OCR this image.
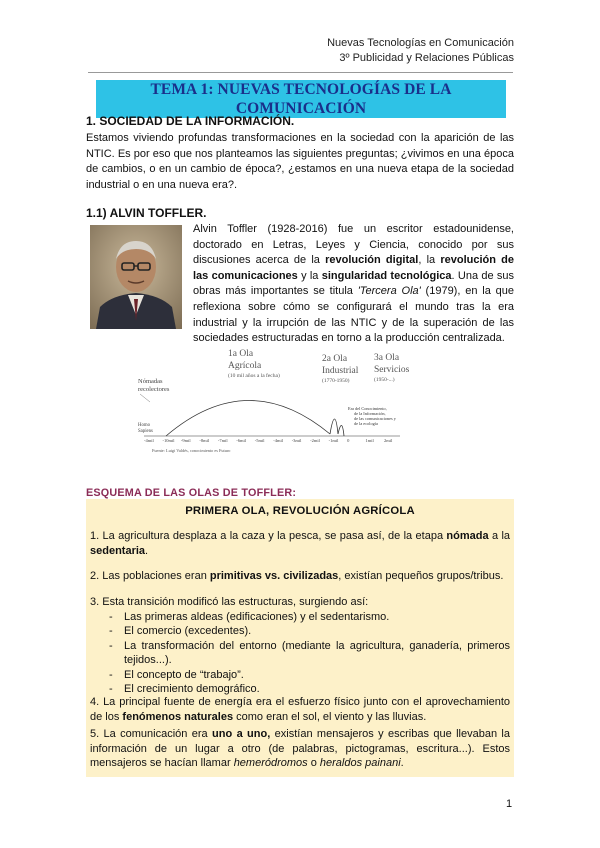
Nuevas Tecnologías en Comunicación
3º Publicidad y Relaciones Públicas
TEMA 1: NUEVAS TECNOLOGÍAS DE LA COMUNICACIÓN
1. SOCIEDAD DE LA INFORMACIÓN.
Estamos viviendo profundas transformaciones en la sociedad con la aparición de las NTIC. Es por eso que nos planteamos las siguientes preguntas; ¿vivimos en una época de cambios, o en un cambio de época?, ¿estamos en una nueva etapa de la sociedad industrial o en una nueva era?.
1.1) ALVIN TOFFLER.
Alvin Toffler (1928-2016) fue un escritor estadounidense, doctorado en Letras, Leyes y Ciencia, conocido por sus discusiones acerca de la revolución digital, la revolución de las comunicaciones y la singularidad tecnológica. Una de sus obras más importantes se titula 'Tercera Ola' (1979), en la que reflexiona sobre cómo se configurará el mundo tras la era industrial y la irrupción de las NTIC y de la superación de las sociedades estructuradas en torno a la producción centralizada.
1a Ola
Agrícola
(10 mil años a la fecha)
2a Ola
Industrial
(1770-1950)
3a Ola
Servicios
(1950-...)
Nómadas
recolectores
Homo
Sapiens
Era del Conocimiento,
de la Información,
de las comunicaciones y
de la ecología
-4mil -10mil -9mil -8mil -7mil -6mil -5mil -4mil -3mil -2mil -1mil 0	1mil 2mil
Fuente: Luigi Valdés, conocimiento es Futuro
ESQUEMA DE LAS OLAS DE TOFFLER:
PRIMERA OLA, REVOLUCIÓN AGRÍCOLA
1. La agricultura desplaza a la caza y la pesca, se pasa así, de la etapa nómada a la sedentaria.
2. Las poblaciones eran primitivas vs. civilizadas, existían pequeños grupos/tribus.
3. Esta transición modificó las estructuras, surgiendo así:
- Las primeras aldeas (edificaciones) y el sedentarismo.
- El comercio (excedentes).
- La transformación del entorno (mediante la agricultura, ganadería, primeros tejidos...).
- El concepto de “trabajo”.
- El crecimiento demográfico.
4. La principal fuente de energía era el esfuerzo físico junto con el aprovechamiento de los fenómenos naturales como eran el sol, el viento y las lluvias.
5. La comunicación era uno a uno, existían mensajeros y escribas que llevaban la información de un lugar a otro (de palabras, pictogramas, escritura...). Estos mensajeros se hacían llamar hemeródromos o heraldos painani.
1
